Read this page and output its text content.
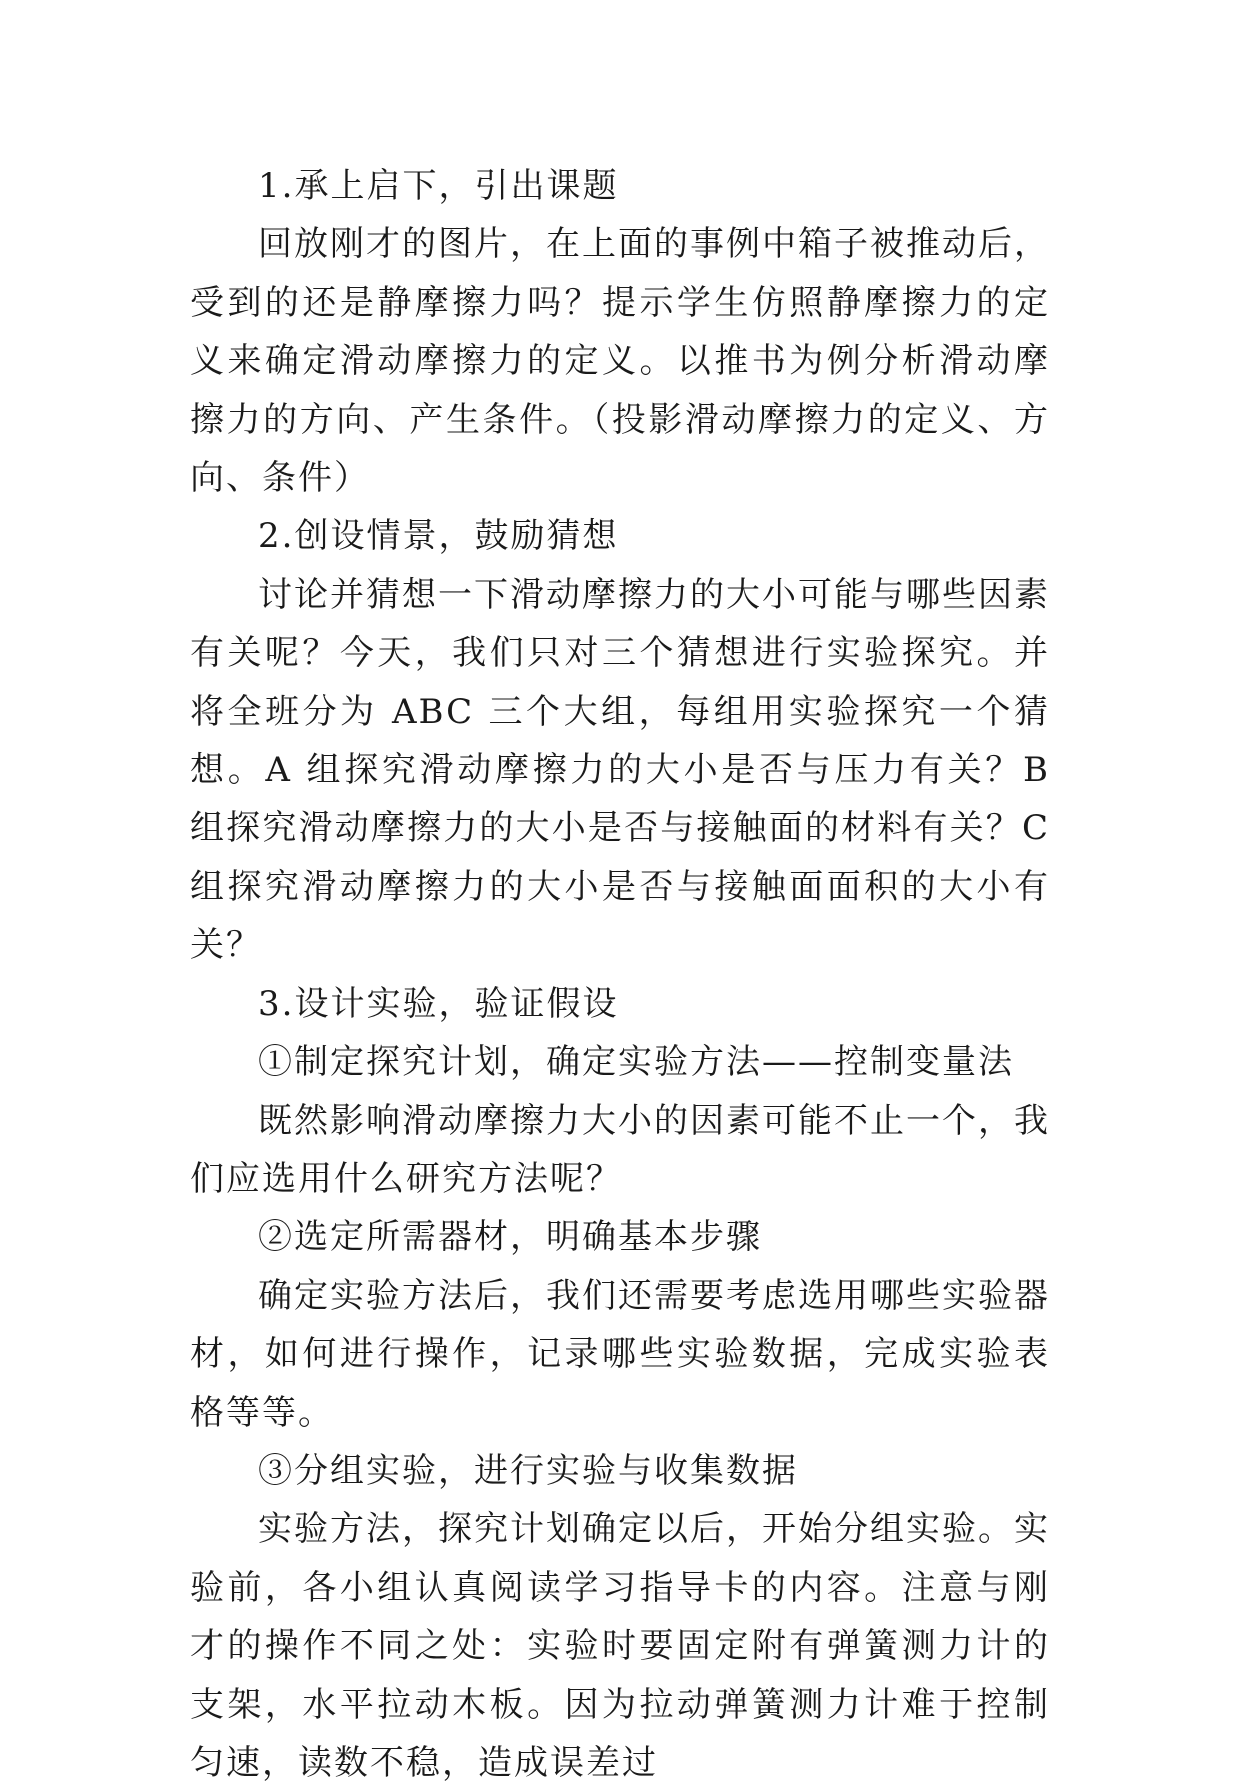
1.承上启下，引出课题

回放刚才的图片，在上面的事例中箱子被推动后，受到的还是静摩擦力吗？提示学生仿照静摩擦力的定义来确定滑动摩擦力的定义。以推书为例分析滑动摩擦力的方向、产生条件。（投影滑动摩擦力的定义、方向、条件）

2.创设情景，鼓励猜想

讨论并猜想一下滑动摩擦力的大小可能与哪些因素有关呢？今天，我们只对三个猜想进行实验探究。并将全班分为 ABC 三个大组，每组用实验探究一个猜想。A 组探究滑动摩擦力的大小是否与压力有关？B 组探究滑动摩擦力的大小是否与接触面的材料有关？C 组探究滑动摩擦力的大小是否与接触面面积的大小有关？

3.设计实验，验证假设

①制定探究计划，确定实验方法——控制变量法

既然影响滑动摩擦力大小的因素可能不止一个，我们应选用什么研究方法呢？

②选定所需器材，明确基本步骤

确定实验方法后，我们还需要考虑选用哪些实验器材，如何进行操作，记录哪些实验数据，完成实验表格等等。

③分组实验，进行实验与收集数据

实验方法，探究计划确定以后，开始分组实验。实验前，各小组认真阅读学习指导卡的内容。注意与刚才的操作不同之处：实验时要固定附有弹簧测力计的支架，水平拉动木板。因为拉动弹簧测力计难于控制匀速，读数不稳，造成误差过
